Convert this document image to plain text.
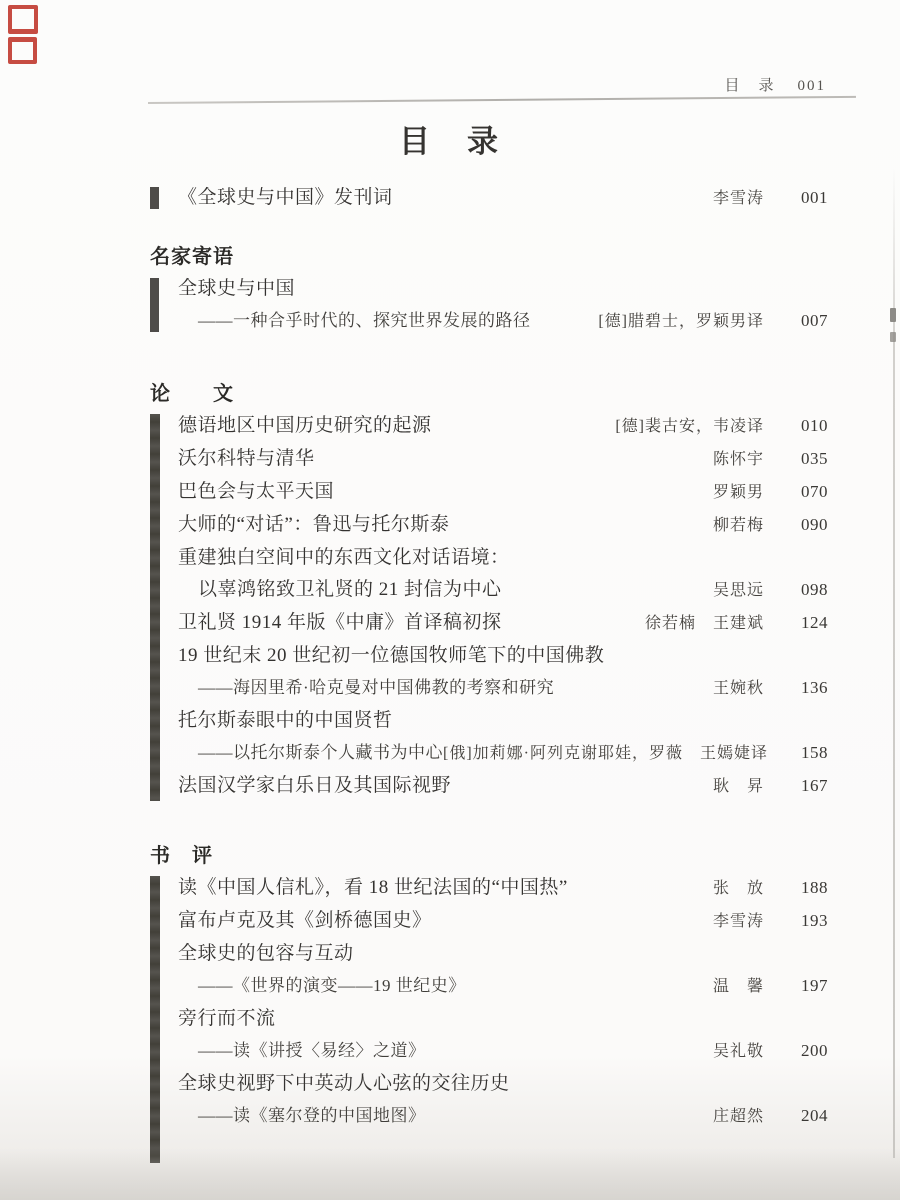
目　录 001
目　录
《全球史与中国》发刊词	李雪涛	001
名家寄语
全球史与中国
——一种合乎时代的、探究世界发展的路径	[德]腊碧士，罗颖男译	007
论　　文
德语地区中国历史研究的起源	[德]裴古安，韦凌译	010
沃尔科特与清华	陈怀宇	035
巴色会与太平天国	罗颖男	070
大师的“对话”：鲁迅与托尔斯泰	柳若梅	090
重建独白空间中的东西文化对话语境：
以辜鸿铭致卫礼贤的 21 封信为中心	吴思远	098
卫礼贤 1914 年版《中庸》首译稿初探	徐若楠　王建斌	124
19 世纪末 20 世纪初一位德国牧师笔下的中国佛教
——海因里希·哈克曼对中国佛教的考察和研究	王婉秋	136
托尔斯泰眼中的中国贤哲
——以托尔斯泰个人藏书为中心 [俄]加莉娜·阿列克谢耶娃，罗薇　王嫣婕译	158
法国汉学家白乐日及其国际视野	耿　昇	167
书　评
读《中国人信札》，看 18 世纪法国的“中国热”	张　放	188
富布卢克及其《剑桥德国史》	李雪涛	193
全球史的包容与互动
——《世界的演变——19 世纪史》	温　馨	197
旁行而不流
——读《讲授〈易经〉之道》	吴礼敬	200
全球史视野下中英动人心弦的交往历史
——读《塞尔登的中国地图》	庄超然	204
